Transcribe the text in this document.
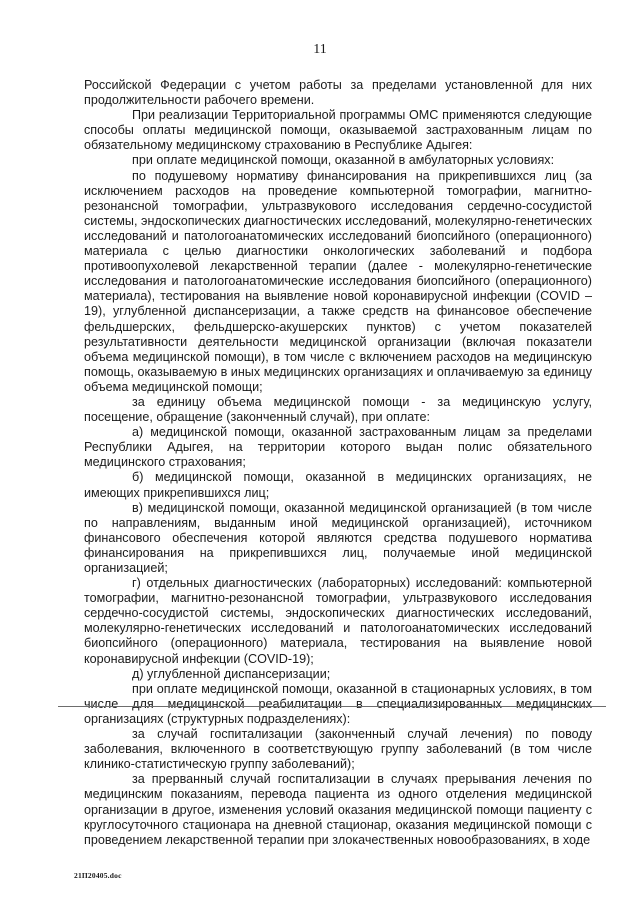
11

Российской Федерации с учетом работы за пределами установленной для них продолжительности рабочего времени.

При реализации Территориальной программы ОМС применяются следующие способы оплаты медицинской помощи, оказываемой застрахованным лицам по обязательному медицинскому страхованию в Республике Адыгея:

при оплате медицинской помощи, оказанной в амбулаторных условиях:

по подушевому нормативу финансирования на прикрепившихся лиц (за исключением расходов на проведение компьютерной томографии, магнитно-резонансной томографии, ультразвукового исследования сердечно-сосудистой системы, эндоскопических диагностических исследований, молекулярно-генетических исследований и патологоанатомических исследований биопсийного (операционного) материала с целью диагностики онкологических заболеваний и подбора противоопухолевой лекарственной терапии (далее - молекулярно-генетические исследования и патологоанатомические исследования биопсийного (операционного) материала), тестирования на выявление новой коронавирусной инфекции (COVID – 19), углубленной диспансеризации, а также средств на финансовое обеспечение фельдшерских, фельдшерско-акушерских пунктов) с учетом показателей результативности деятельности медицинской организации (включая показатели объема медицинской помощи), в том числе с включением расходов на медицинскую помощь, оказываемую в иных медицинских организациях и оплачиваемую за единицу объема медицинской помощи;

за единицу объема медицинской помощи - за медицинскую услугу, посещение, обращение (законченный случай), при оплате:

а) медицинской помощи, оказанной застрахованным лицам за пределами Республики Адыгея, на территории которого выдан полис обязательного медицинского страхования;

б) медицинской помощи, оказанной в медицинских организациях, не имеющих прикрепившихся лиц;

в) медицинской помощи, оказанной медицинской организацией (в том числе по направлениям, выданным иной медицинской организацией), источником финансового обеспечения которой являются средства подушевого норматива финансирования на прикрепившихся лиц, получаемые иной медицинской организацией;

г) отдельных диагностических (лабораторных) исследований: компьютерной томографии, магнитно-резонансной томографии, ультразвукового исследования сердечно-сосудистой системы, эндоскопических диагностических исследований, молекулярно-генетических исследований и патологоанатомических исследований биопсийного (операционного) материала, тестирования на выявление новой коронавирусной инфекции (COVID-19);

д) углубленной диспансеризации;

при оплате медицинской помощи, оказанной в стационарных условиях, в том числе для медицинской реабилитации в специализированных медицинских организациях (структурных подразделениях):

за случай госпитализации (законченный случай лечения) по поводу заболевания, включенного в соответствующую группу заболеваний (в том числе клинико-статистическую группу заболеваний);

за прерванный случай госпитализации в случаях прерывания лечения по медицинским показаниям, перевода пациента из одного отделения медицинской организации в другое, изменения условий оказания медицинской помощи пациенту с круглосуточного стационара на дневной стационар, оказания медицинской помощи с проведением лекарственной терапии при злокачественных новообразованиях, в ходе

21П20405.doc
